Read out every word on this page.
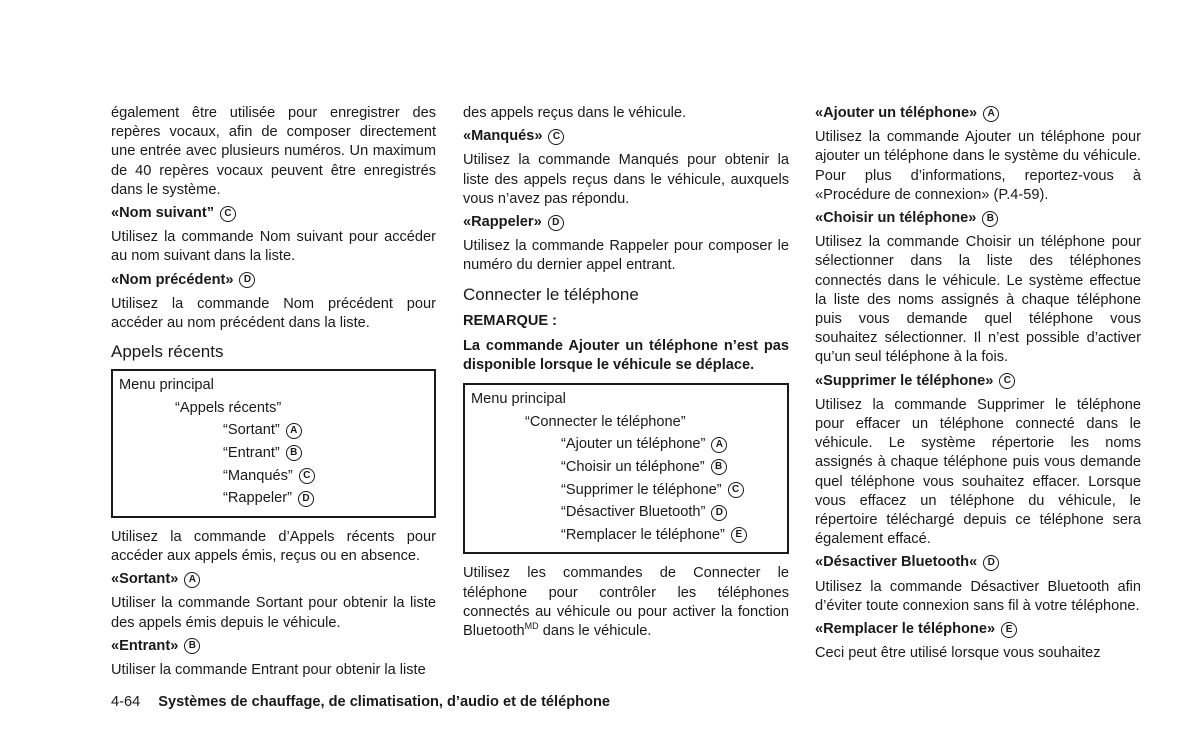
également être utilisée pour enregistrer des repères vocaux, afin de composer directement une entrée avec plusieurs numéros. Un maximum de 40 repères vocaux peuvent être enregistrés dans le système.

«Nom suivant”	C

Utilisez la commande Nom suivant pour accéder au nom suivant dans la liste.

«Nom précédent»	D

Utilisez la commande Nom précédent pour accéder au nom précédent dans la liste.

Appels récents
Menu principal
“Appels récents”
“Sortant”	A
“Entrant”	B
“Manqués”	C
“Rappeler”	D

Utilisez la commande d’Appels récents pour accéder aux appels émis, reçus ou en absence.

«Sortant»	A

Utiliser la commande Sortant pour obtenir la liste des appels émis depuis le véhicule.

«Entrant»	B

Utiliser la commande Entrant pour obtenir la liste

des appels reçus dans le véhicule.

«Manqués»	C

Utilisez la commande Manqués pour obtenir la liste des appels reçus dans le véhicule, auxquels vous n’avez pas répondu.

«Rappeler»	D

Utilisez la commande Rappeler pour composer le numéro du dernier appel entrant.

Connecter le téléphone
REMARQUE :
La commande Ajouter un téléphone n’est pas disponible lorsque le véhicule se déplace.
Menu principal
“Connecter le téléphone”
“Ajouter un téléphone”	A
“Choisir un téléphone”	B
“Supprimer le téléphone”	C
“Désactiver Bluetooth”	D
“Remplacer le téléphone”	E

Utilisez les commandes de Connecter le téléphone pour contrôler les téléphones connectés au véhicule ou pour activer la fonction Bluetooth$^{MD}$ dans le véhicule.

«Ajouter un téléphone»	A

Utilisez la commande Ajouter un téléphone pour ajouter un téléphone dans le système du véhicule. Pour plus d’informations, reportez-vous à «Procédure de connexion» (P.4-59).

«Choisir un téléphone»	B

Utilisez la commande Choisir un téléphone pour sélectionner dans la liste des téléphones connectés dans le véhicule. Le système effectue la liste des noms assignés à chaque téléphone puis vous demande quel téléphone vous souhaitez sélectionner. Il n’est possible d’activer qu’un seul téléphone à la fois.

«Supprimer le téléphone»	C

Utilisez la commande Supprimer le téléphone pour effacer un téléphone connecté dans le véhicule. Le système répertorie les noms assignés à chaque téléphone puis vous demande quel téléphone vous souhaitez effacer. Lorsque vous effacez un téléphone du véhicule, le répertoire téléchargé depuis ce téléphone sera également effacé.

«Désactiver Bluetooth«	D

Utilisez la commande Désactiver Bluetooth afin d’éviter toute connexion sans fil à votre téléphone.

«Remplacer le téléphone»	E

Ceci peut être utilisé lorsque vous souhaitez

4-64 Systèmes de chauffage, de climatisation, d’audio et de téléphone
